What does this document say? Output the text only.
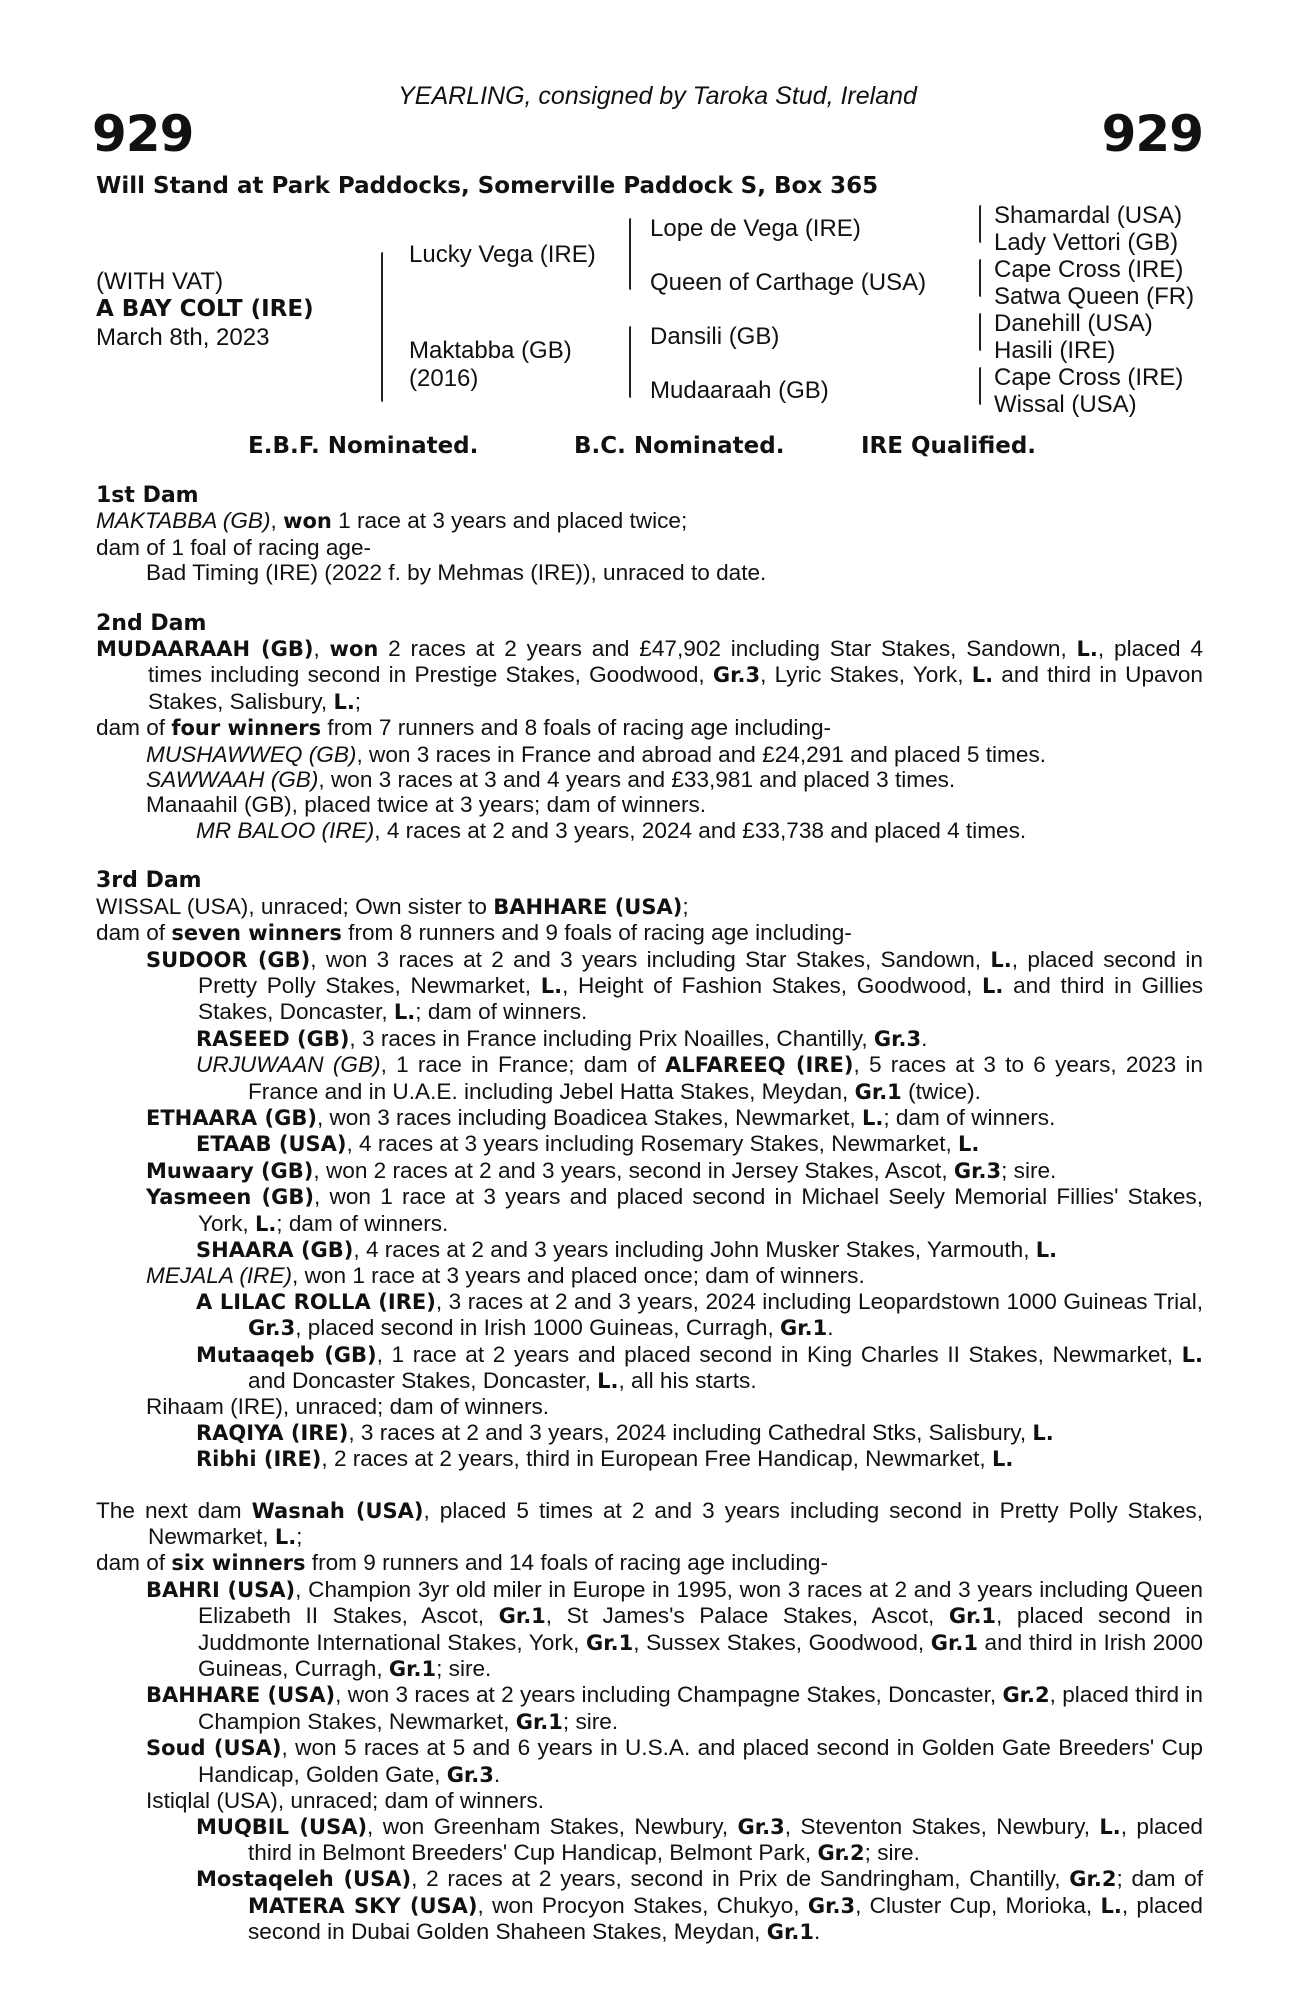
YEARLING, consigned by Taroka Stud, Ireland
929	929
Will Stand at Park Paddocks, Somerville Paddock S, Box 365
(WITH VAT)
A BAY COLT (IRE)
March 8th, 2023
Lucky Vega (IRE)
Maktabba (GB)
(2016)
Lope de Vega (IRE)
Queen of Carthage (USA)
Dansili (GB)
Mudaaraah (GB)
Shamardal (USA)
Lady Vettori (GB)
Cape Cross (IRE)
Satwa Queen (FR)
Danehill (USA)
Hasili (IRE)
Cape Cross (IRE)
Wissal (USA)
E.B.F. Nominated.	B.C. Nominated.	IRE Qualified.
1st Dam

MAKTABBA (GB), won 1 race at 3 years and placed twice;

dam of 1 foal of racing age-

Bad Timing (IRE) (2022 f. by Mehmas (IRE)), unraced to date.

2nd Dam

MUDAARAAH (GB), won 2 races at 2 years and £47,902 including Star Stakes, Sandown, L., placed 4 times including second in Prestige Stakes, Goodwood, Gr.3, Lyric Stakes, York, L. and third in Upavon Stakes, Salisbury, L.;

dam of four winners from 7 runners and 8 foals of racing age including-

MUSHAWWEQ (GB), won 3 races in France and abroad and £24,291 and placed 5 times.

SAWWAAH (GB), won 3 races at 3 and 4 years and £33,981 and placed 3 times.

Manaahil (GB), placed twice at 3 years; dam of winners.

MR BALOO (IRE), 4 races at 2 and 3 years, 2024 and £33,738 and placed 4 times.

3rd Dam

WISSAL (USA), unraced; Own sister to BAHHARE (USA);

dam of seven winners from 8 runners and 9 foals of racing age including-

SUDOOR (GB), won 3 races at 2 and 3 years including Star Stakes, Sandown, L., placed second in Pretty Polly Stakes, Newmarket, L., Height of Fashion Stakes, Goodwood, L. and third in Gillies Stakes, Doncaster, L.; dam of winners.

RASEED (GB), 3 races in France including Prix Noailles, Chantilly, Gr.3.

URJUWAAN (GB), 1 race in France; dam of ALFAREEQ (IRE), 5 races at 3 to 6 years, 2023 in France and in U.A.E. including Jebel Hatta Stakes, Meydan, Gr.1 (twice).

ETHAARA (GB), won 3 races including Boadicea Stakes, Newmarket, L.; dam of winners.

ETAAB (USA), 4 races at 3 years including Rosemary Stakes, Newmarket, L.

Muwaary (GB), won 2 races at 2 and 3 years, second in Jersey Stakes, Ascot, Gr.3; sire.

Yasmeen (GB), won 1 race at 3 years and placed second in Michael Seely Memorial Fillies' Stakes, York, L.; dam of winners.

SHAARA (GB), 4 races at 2 and 3 years including John Musker Stakes, Yarmouth, L.

MEJALA (IRE), won 1 race at 3 years and placed once; dam of winners.

A LILAC ROLLA (IRE), 3 races at 2 and 3 years, 2024 including Leopardstown 1000 Guineas Trial, Gr.3, placed second in Irish 1000 Guineas, Curragh, Gr.1.

Mutaaqeb (GB), 1 race at 2 years and placed second in King Charles II Stakes, Newmarket, L. and Doncaster Stakes, Doncaster, L., all his starts.

Rihaam (IRE), unraced; dam of winners.

RAQIYA (IRE), 3 races at 2 and 3 years, 2024 including Cathedral Stks, Salisbury, L.

Ribhi (IRE), 2 races at 2 years, third in European Free Handicap, Newmarket, L.

The next dam Wasnah (USA), placed 5 times at 2 and 3 years including second in Pretty Polly Stakes, Newmarket, L.;

dam of six winners from 9 runners and 14 foals of racing age including-

BAHRI (USA), Champion 3yr old miler in Europe in 1995, won 3 races at 2 and 3 years including Queen Elizabeth II Stakes, Ascot, Gr.1, St James's Palace Stakes, Ascot, Gr.1, placed second in Juddmonte International Stakes, York, Gr.1, Sussex Stakes, Goodwood, Gr.1 and third in Irish 2000 Guineas, Curragh, Gr.1; sire.

BAHHARE (USA), won 3 races at 2 years including Champagne Stakes, Doncaster, Gr.2, placed third in Champion Stakes, Newmarket, Gr.1; sire.

Soud (USA), won 5 races at 5 and 6 years in U.S.A. and placed second in Golden Gate Breeders' Cup Handicap, Golden Gate, Gr.3.

Istiqlal (USA), unraced; dam of winners.

MUQBIL (USA), won Greenham Stakes, Newbury, Gr.3, Steventon Stakes, Newbury, L., placed third in Belmont Breeders' Cup Handicap, Belmont Park, Gr.2; sire.

Mostaqeleh (USA), 2 races at 2 years, second in Prix de Sandringham, Chantilly, Gr.2; dam of MATERA SKY (USA), won Procyon Stakes, Chukyo, Gr.3, Cluster Cup, Morioka, L., placed second in Dubai Golden Shaheen Stakes, Meydan, Gr.1.
